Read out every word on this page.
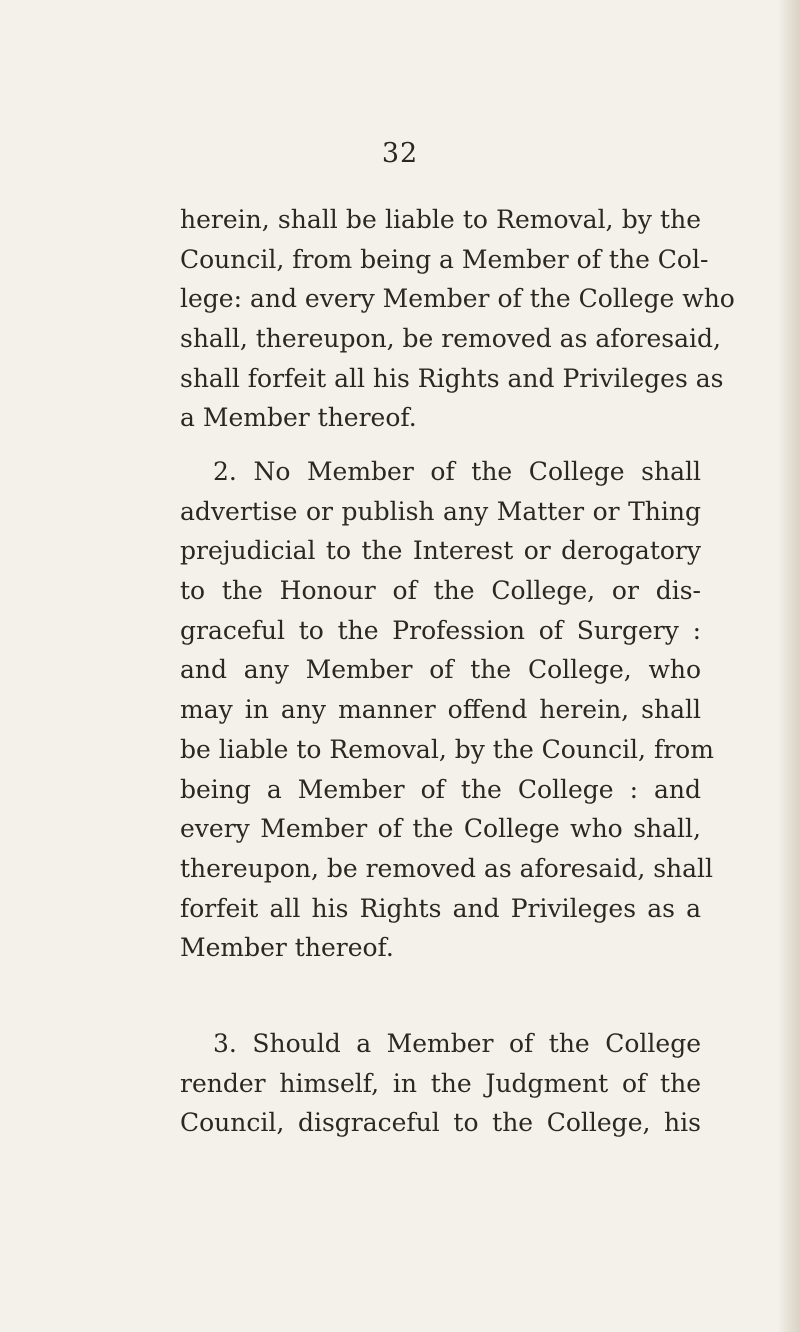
32
herein, shall be liable to Removal, by the
Council, from being a Member of the Col-
lege: and every Member of the College who
shall, thereupon, be removed as aforesaid,
shall forfeit all his Rights and Privileges as
a Member thereof.
2. No Member of the College shall
advertise or publish any Matter or Thing
prejudicial to the Interest or derogatory
to the Honour of the College, or dis-
graceful to the Profession of Surgery :
and any Member of the College, who
may in any manner offend herein, shall
be liable to Removal, by the Council, from
being a Member of the College : and
every Member of the College who shall,
thereupon, be removed as aforesaid, shall
forfeit all his Rights and Privileges as a
Member thereof.
3. Should a Member of the College
render himself, in the Judgment of the
Council, disgraceful to the College, his
